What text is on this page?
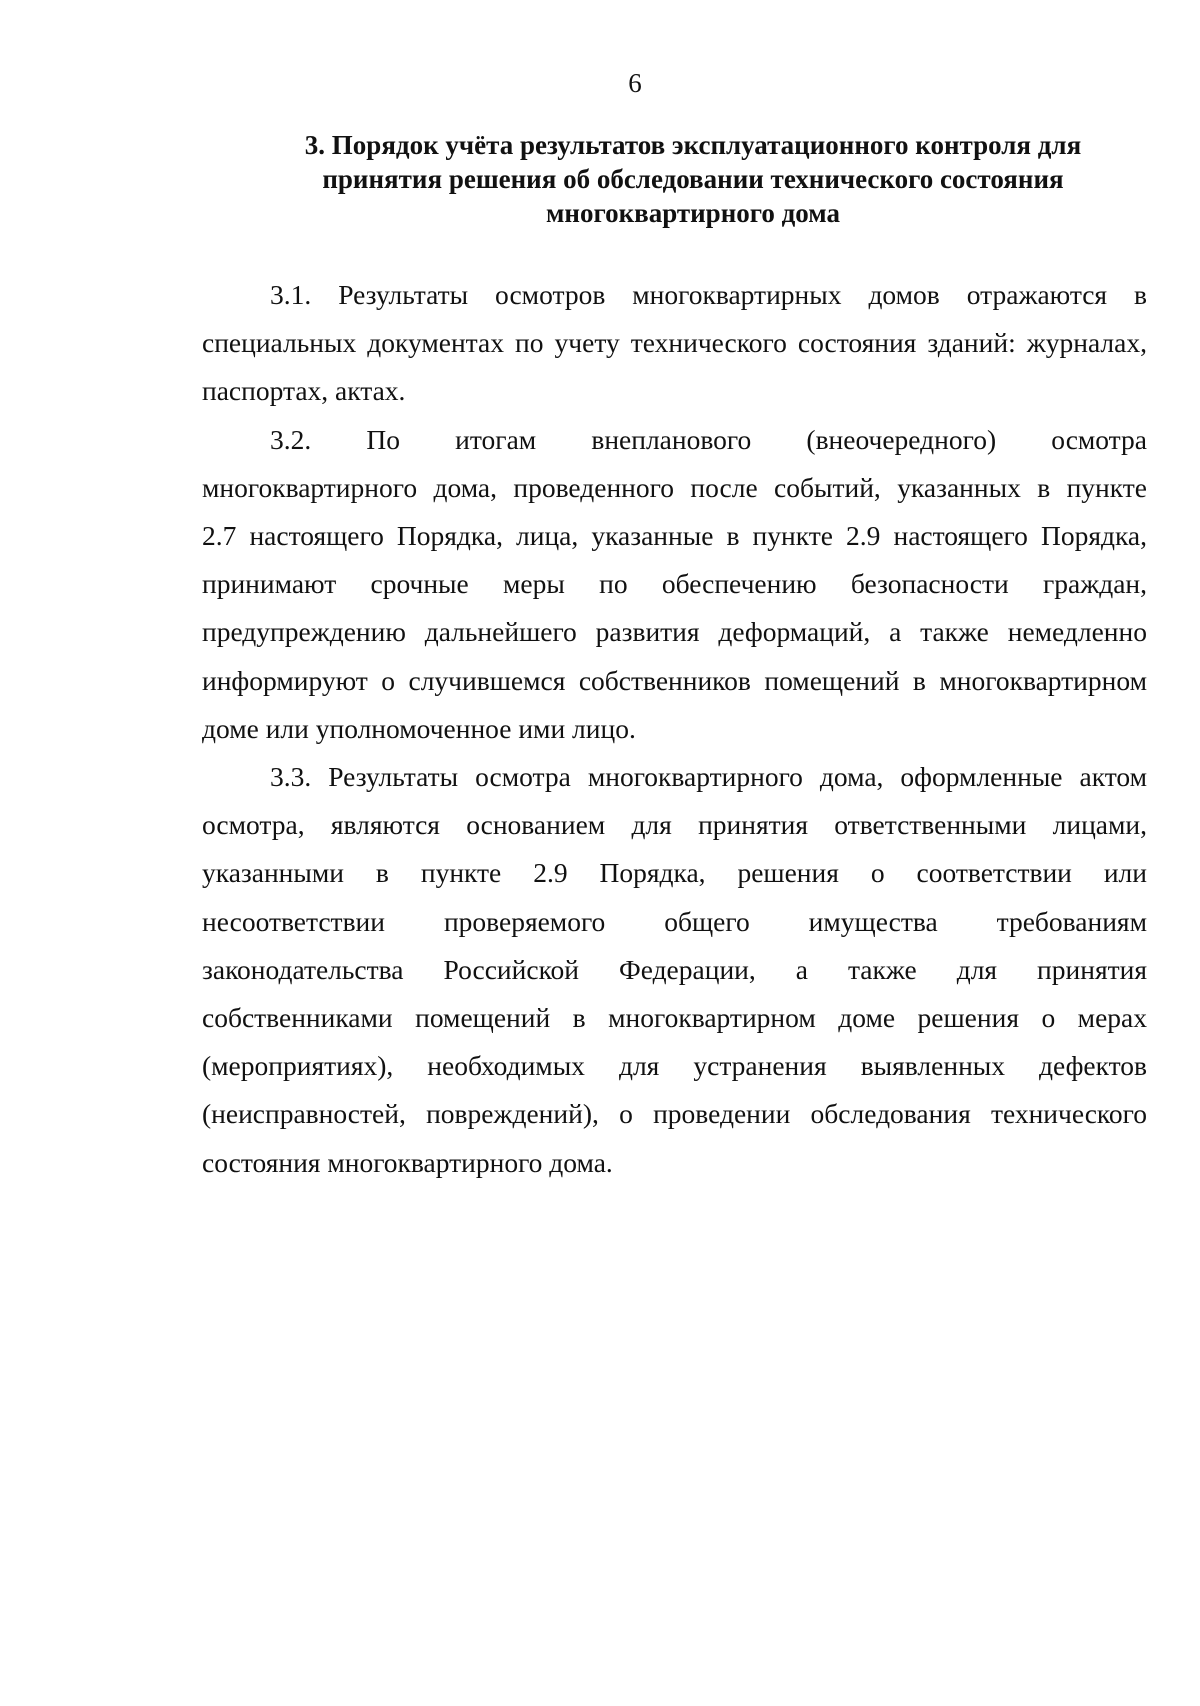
6
3. Порядок учёта результатов эксплуатационного контроля для
принятия решения об обследовании технического состояния
многоквартирного дома
3.1. Результаты осмотров многоквартирных домов отражаются в
специальных документах по учету технического состояния зданий: журналах,
паспортах, актах.
3.2. По итогам внепланового (внеочередного) осмотра
многоквартирного дома, проведенного после событий, указанных в пункте
2.7 настоящего Порядка, лица, указанные в пункте 2.9 настоящего Порядка,
принимают срочные меры по обеспечению безопасности граждан,
предупреждению дальнейшего развития деформаций, а также немедленно
информируют о случившемся собственников помещений в многоквартирном
доме или уполномоченное ими лицо.
3.3. Результаты осмотра многоквартирного дома, оформленные актом
осмотра, являются основанием для принятия ответственными лицами,
указанными в пункте 2.9 Порядка, решения о соответствии или
несоответствии проверяемого общего имущества требованиям
законодательства Российской Федерации, а также для принятия
собственниками помещений в многоквартирном доме решения о мерах
(мероприятиях), необходимых для устранения выявленных дефектов
(неисправностей, повреждений), о проведении обследования технического
состояния многоквартирного дома.
